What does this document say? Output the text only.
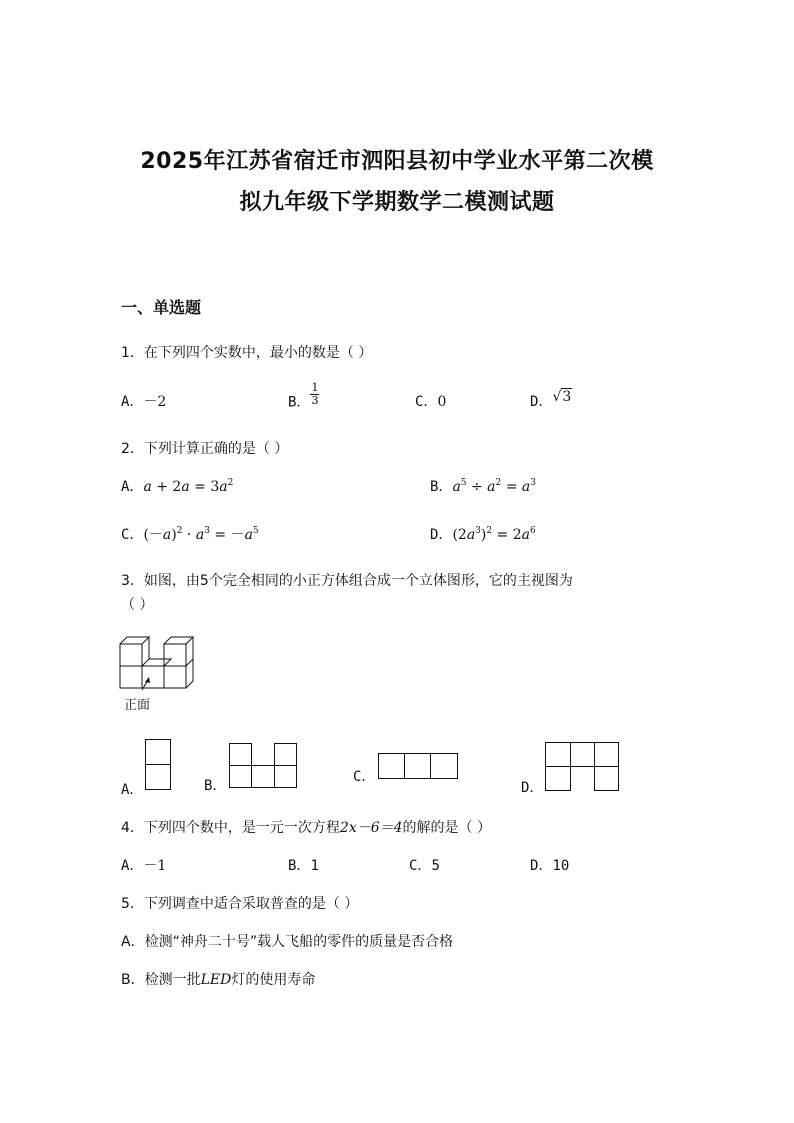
2025年江苏省宿迁市泗阳县初中学业水平第二次模
拟九年级下学期数学二模测试题
一、单选题
1．在下列四个实数中，最小的数是（ ）
A．－2	B． $\frac{1}{3}$	C．0	D．√3
2．下列计算正确的是（ ）
A．$a + 2a = 3a^2$	B．$a^5 \div a^2 = a^3$
C．$(-a)^2 \cdot a^3 = -a^5$	D．$(2a^3)^2 = 2a^6$
3．如图，由5个完全相同的小正方体组合成一个立体图形，它的主视图为
（ ）
正面
A．	B．
C．
D．
4．下列四个数中，是一元一次方程2x－6＝4的解的是（ ）
A．－1	B．1	C．5	D．10
5．下列调查中适合采取普查的是（ ）
A．检测“神舟二十号”载人飞船的零件的质量是否合格
B．检测一批LED灯的使用寿命
